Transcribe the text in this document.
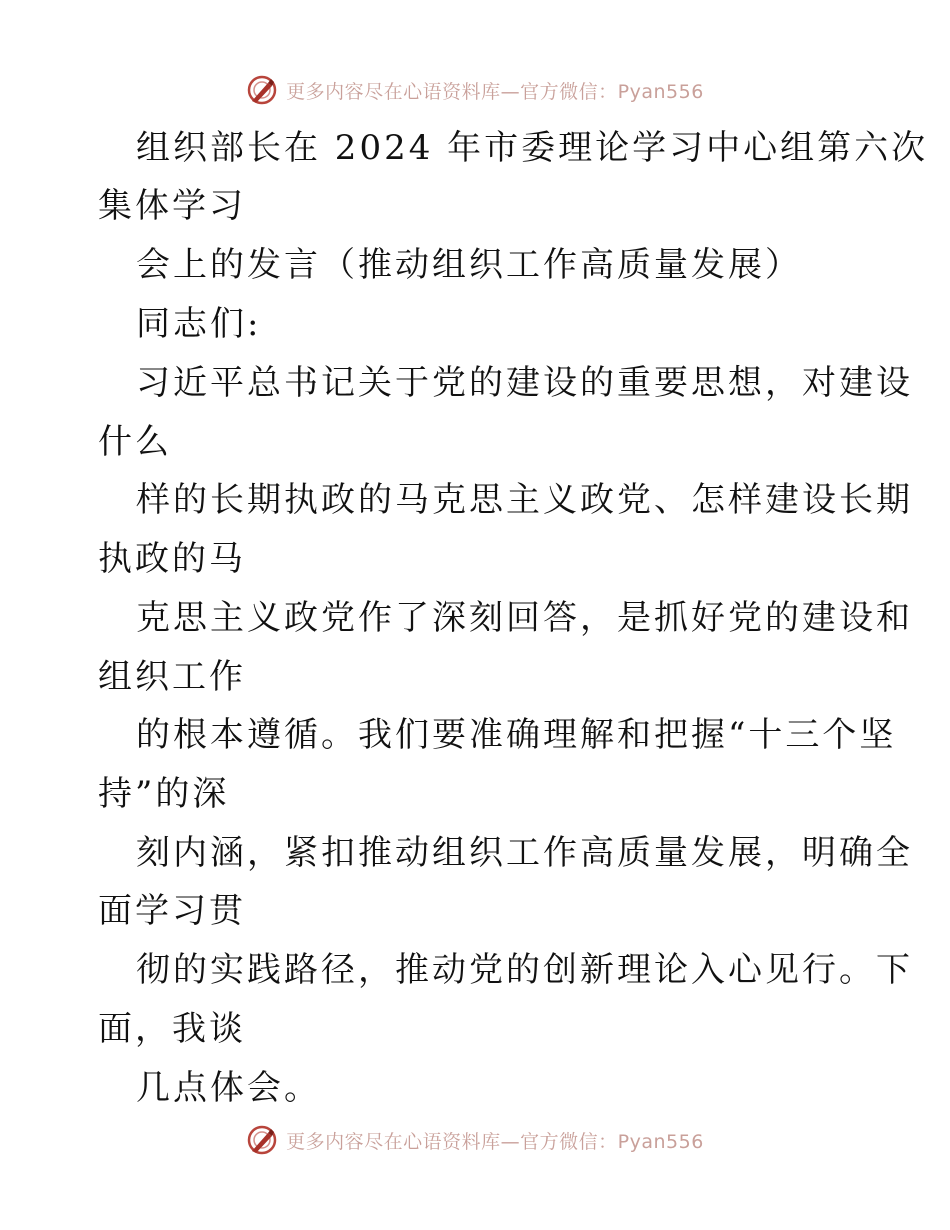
更多内容尽在心语资料库—官方微信：Pyan556
组织部长在 2024 年市委理论学习中心组第六次
集体学习
会上的发言（推动组织工作高质量发展）
同志们:
习近平总书记关于党的建设的重要思想，对建设
什么
样的长期执政的马克思主义政党、怎样建设长期
执政的马
克思主义政党作了深刻回答，是抓好党的建设和
组织工作
的根本遵循。我们要准确理解和把握“十三个坚
持”的深
刻内涵，紧扣推动组织工作高质量发展，明确全
面学习贯
彻的实践路径，推动党的创新理论入心见行。下
面，我谈
几点体会。
更多内容尽在心语资料库—官方微信：Pyan556
